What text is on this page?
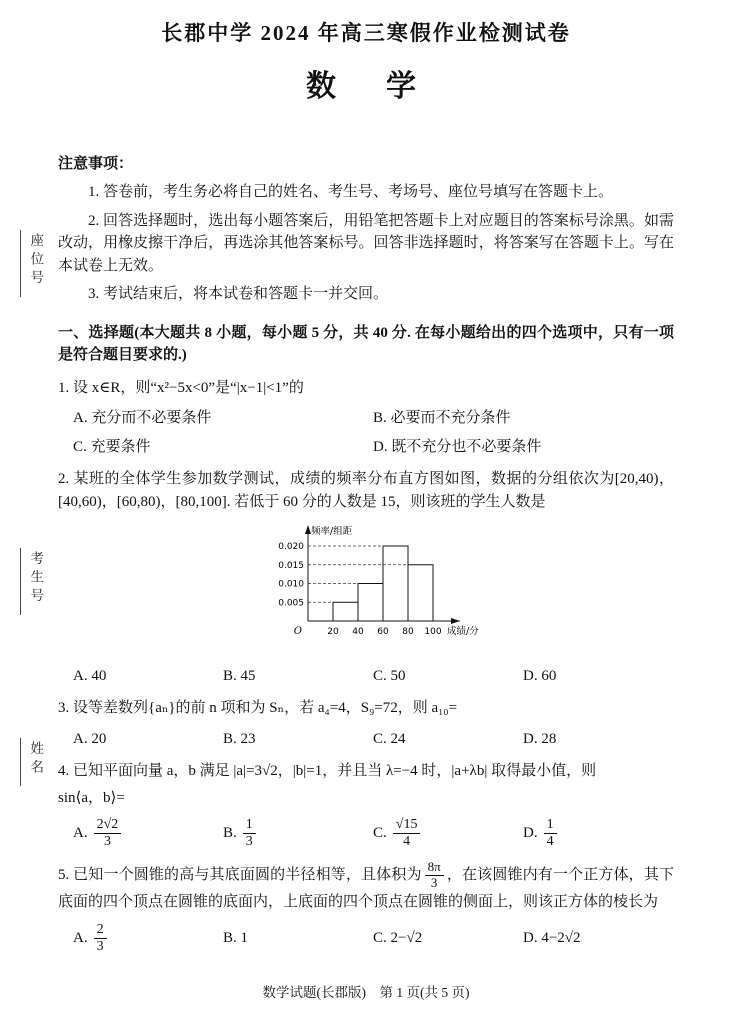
座位号
考生号
姓名
长郡中学 2024 年高三寒假作业检测试卷
数　学

注意事项：

1. 答卷前，考生务必将自己的姓名、考生号、考场号、座位号填写在答题卡上。

2. 回答选择题时，选出每小题答案后，用铅笔把答题卡上对应题目的答案标号涂黑。如需改动，用橡皮擦干净后，再选涂其他答案标号。回答非选择题时，将答案写在答题卡上。写在本试卷上无效。

3. 考试结束后，将本试卷和答题卡一并交回。

一、选择题(本大题共 8 小题，每小题 5 分，共 40 分. 在每小题给出的四个选项中，只有一项是符合题目要求的.)

1. 设 x∈R，则“x²−5x<0”是“|x−1|<1”的

A. 充分而不必要条件	B. 必要而不充分条件
C. 充要条件	D. 既不充分也不必要条件

2. 某班的全体学生参加数学测试，成绩的频率分布直方图如图，数据的分组依次为[20,40)，[40,60)，[60,80)，[80,100]. 若低于 60 分的人数是 15，则该班的学生人数是

0.005
0.010
0.015
0.020
20 40 60 80 100
O	成绩/分
频率/组距
A. 40	B. 45	C. 50	D. 60

3. 设等差数列{aₙ}的前 n 项和为 Sₙ，若 a₄=4，S₉=72，则 a₁₀=

A. 20	B. 23	C. 24	D. 28

4. 已知平面向量 a，b 满足 |a|=3√2，|b|=1，并且当 λ=−4 时，|a+λb| 取得最小值，则

sin⟨a，b⟩=

A. $\frac{2√2}{3}$	B. $\frac{1}{3}$	C. $\frac{√15}{4}$	D. $\frac{1}{4}$

5. 已知一个圆锥的高与其底面圆的半径相等，且体积为 $\frac{8\pi}{3}$ ，在该圆锥内有一个正方体，其下底面的四个顶点在圆锥的底面内，上底面的四个顶点在圆锥的侧面上，则该正方体的棱长为

A. $\frac{2}{3}$	B. 1	C. 2−√2	D. 4−2√2

数学试题(长郡版)　第 1 页(共 5 页)
